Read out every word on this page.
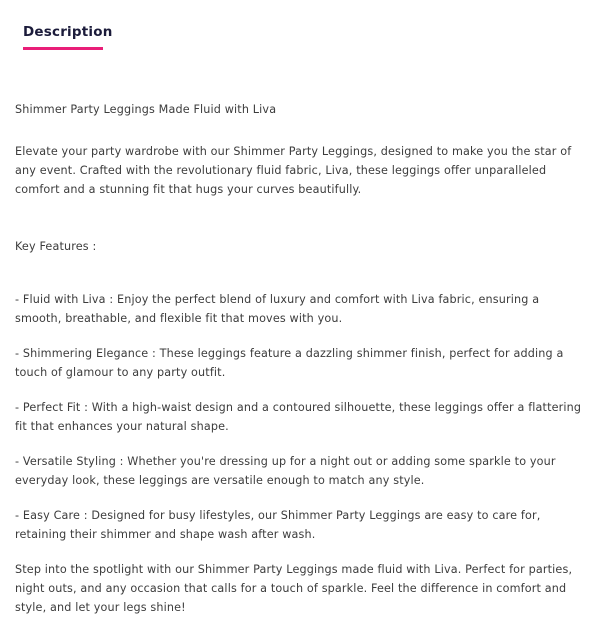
Description

Shimmer Party Leggings Made Fluid with Liva

Elevate your party wardrobe with our Shimmer Party Leggings, designed to make you the star of any event. Crafted with the revolutionary fluid fabric, Liva, these leggings offer unparalleled comfort and a stunning fit that hugs your curves beautifully.

Key Features :

- Fluid with Liva : Enjoy the perfect blend of luxury and comfort with Liva fabric, ensuring a smooth, breathable, and flexible fit that moves with you.

- Shimmering Elegance : These leggings feature a dazzling shimmer finish, perfect for adding a touch of glamour to any party outfit.

- Perfect Fit : With a high-waist design and a contoured silhouette, these leggings offer a flattering fit that enhances your natural shape.

- Versatile Styling : Whether you're dressing up for a night out or adding some sparkle to your everyday look, these leggings are versatile enough to match any style.

- Easy Care : Designed for busy lifestyles, our Shimmer Party Leggings are easy to care for, retaining their shimmer and shape wash after wash.

Step into the spotlight with our Shimmer Party Leggings made fluid with Liva. Perfect for parties, night outs, and any occasion that calls for a touch of sparkle. Feel the difference in comfort and style, and let your legs shine!
